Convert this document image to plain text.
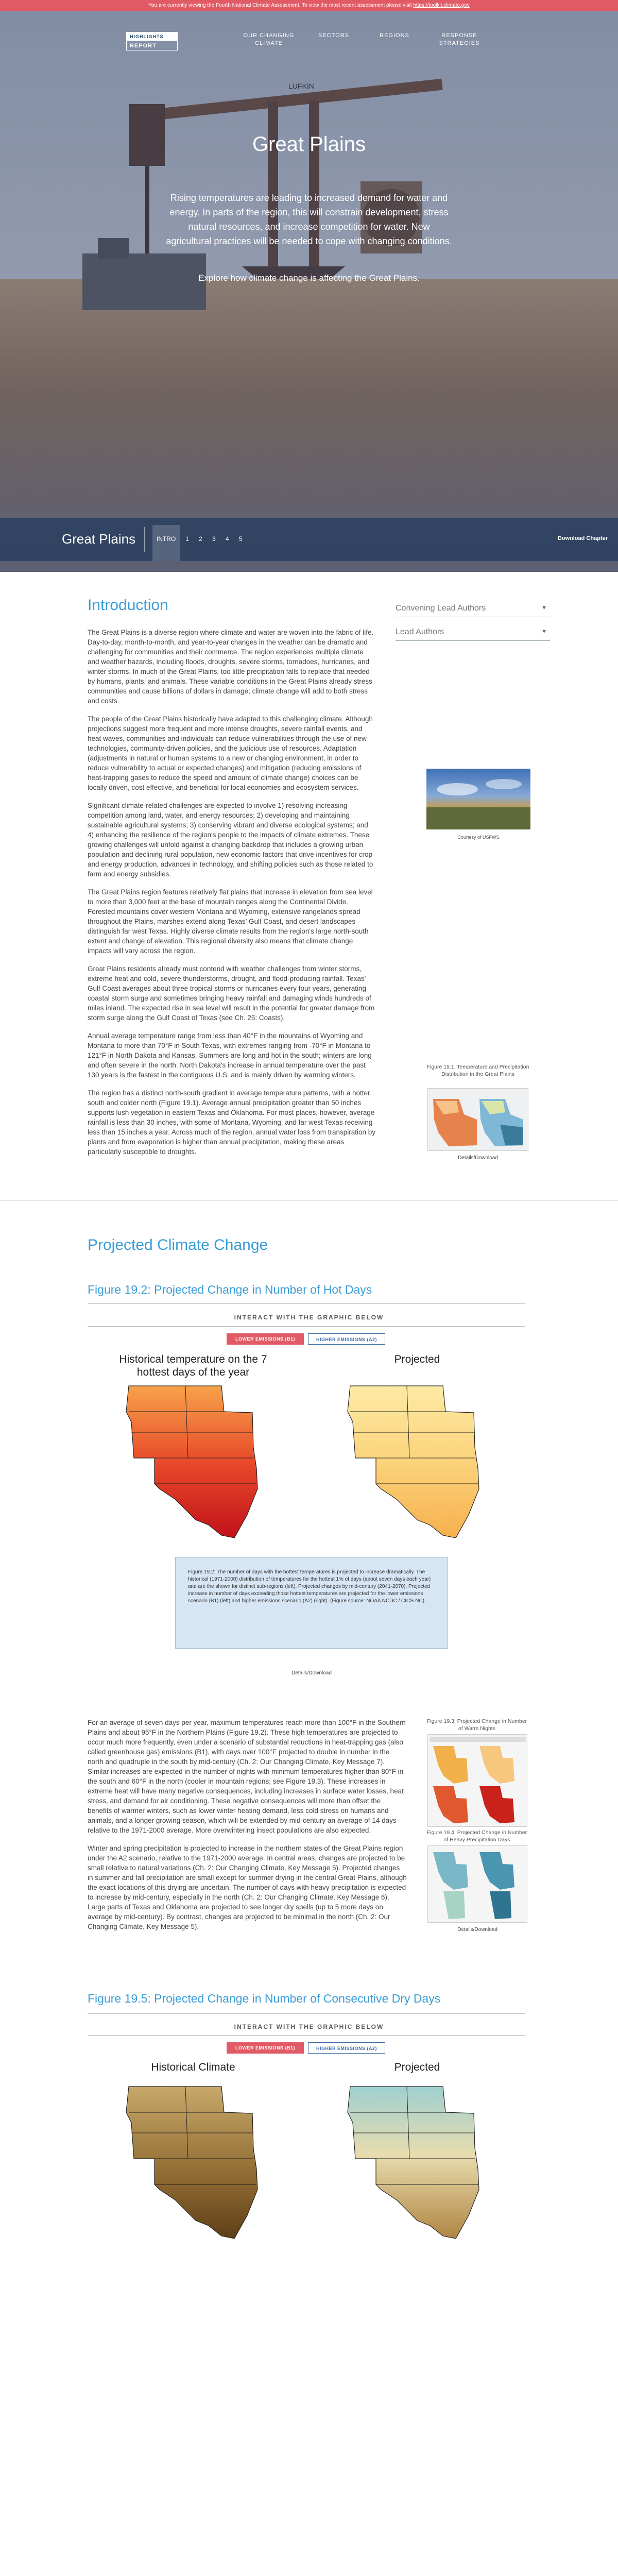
You are currently viewing the Fourth National Climate Assessment. To view the most recent assessment please visit https://toolkit.climate.gov
LUFKIN
HIGHLIGHTS
REPORT
OUR CHANGING CLIMATE
SECTORS	REGIONS	RESPONSE STRATEGIES
Great Plains
Rising temperatures are leading to increased demand for water and energy. In parts of the region, this will constrain development, stress natural resources, and increase competition for water. New agricultural practices will be needed to cope with changing conditions.
Explore how climate change is affecting the Great Plains.
Great Plains	INTRO	1	2	3	4	5	Download Chapter
Introduction	Convening Lead Authors	▼
Lead Authors	▼

The Great Plains is a diverse region where climate and water are woven into the fabric of life. Day-to-day, month-to-month, and year-to-year changes in the weather can be dramatic and challenging for communities and their commerce. The region experiences multiple climate and weather hazards, including floods, droughts, severe storms, tornadoes, hurricanes, and winter storms. In much of the Great Plains, too little precipitation falls to replace that needed by humans, plants, and animals. These variable conditions in the Great Plains already stress communities and cause billions of dollars in damage; climate change will add to both stress and costs.

The people of the Great Plains historically have adapted to this challenging climate. Although projections suggest more frequent and more intense droughts, severe rainfall events, and heat waves, communities and individuals can reduce vulnerabilities through the use of new technologies, community-driven policies, and the judicious use of resources. Adaptation (adjustments in natural or human systems to a new or changing environment, in order to reduce vulnerability to actual or expected changes) and mitigation (reducing emissions of heat-trapping gases to reduce the speed and amount of climate change) choices can be locally driven, cost effective, and beneficial for local economies and ecosystem services.

Significant climate-related challenges are expected to involve 1) resolving increasing competition among land, water, and energy resources; 2) developing and maintaining sustainable agricultural systems; 3) conserving vibrant and diverse ecological systems; and 4) enhancing the resilience of the region's people to the impacts of climate extremes. These growing challenges will unfold against a changing backdrop that includes a growing urban population and declining rural population, new economic factors that drive incentives for crop and energy production, advances in technology, and shifting policies such as those related to farm and energy subsidies.

The Great Plains region features relatively flat plains that increase in elevation from sea level to more than 3,000 feet at the base of mountain ranges along the Continental Divide. Forested mountains cover western Montana and Wyoming, extensive rangelands spread throughout the Plains, marshes extend along Texas' Gulf Coast, and desert landscapes distinguish far west Texas. Highly diverse climate results from the region's large north-south extent and change of elevation. This regional diversity also means that climate change impacts will vary across the region.

Great Plains residents already must contend with weather challenges from winter storms, extreme heat and cold, severe thunderstorms, drought, and flood-producing rainfall. Texas' Gulf Coast averages about three tropical storms or hurricanes every four years, generating coastal storm surge and sometimes bringing heavy rainfall and damaging winds hundreds of miles inland. The expected rise in sea level will result in the potential for greater damage from storm surge along the Gulf Coast of Texas (see Ch. 25: Coasts).

Annual average temperature range from less than 40°F in the mountains of Wyoming and Montana to more than 70°F in South Texas, with extremes ranging from -70°F in Montana to 121°F in North Dakota and Kansas. Summers are long and hot in the south; winters are long and often severe in the north. North Dakota's increase in annual temperature over the past 130 years is the fastest in the contiguous U.S. and is mainly driven by warming winters.

The region has a distinct north-south gradient in average temperature patterns, with a hotter south and colder north (Figure 19.1). Average annual precipitation greater than 50 inches supports lush vegetation in eastern Texas and Oklahoma. For most places, however, average rainfall is less than 30 inches, with some of Montana, Wyoming, and far west Texas receiving less than 15 inches a year. Across much of the region, annual water loss from transpiration by plants and from evaporation is higher than annual precipitation, making these areas particularly susceptible to droughts.

Courtesy of USFWS
Figure 19.1: Temperature and Precipitation Distribution in the Great Plains
Details/Download
Projected Climate Change
Figure 19.2: Projected Change in Number of Hot Days
INTERACT WITH THE GRAPHIC BELOW
LOWER EMISSIONS (B1)	HIGHER EMISSIONS (A2)
Historical temperature on the 7 hottest days of the year
Projected

Figure 19.2: The number of days with the hottest temperatures is projected to increase dramatically. The historical (1971-2000) distribution of temperatures for the hottest 1% of days (about seven days each year) and are the shown for distinct sub-regions (left). Projected changes by mid-century (2041-2070). Projected increase in number of days exceeding those hottest temperatures are projected for the lower emissions scenario (B1) (left) and higher emissions scenario (A2) (right). (Figure source: NOAA NCDC / CICS-NC).

Details/Download

For an average of seven days per year, maximum temperatures reach more than 100°F in the Southern Plains and about 95°F in the Northern Plains (Figure 19.2). These high temperatures are projected to occur much more frequently, even under a scenario of substantial reductions in heat-trapping gas (also called greenhouse gas) emissions (B1), with days over 100°F projected to double in number in the north and quadruple in the south by mid-century (Ch. 2: Our Changing Climate, Key Message 7). Similar increases are expected in the number of nights with minimum temperatures higher than 80°F in the south and 60°F in the north (cooler in mountain regions; see Figure 19.3). These increases in extreme heat will have many negative consequences, including increases in surface water losses, heat stress, and demand for air conditioning. These negative consequences will more than offset the benefits of warmer winters, such as lower winter heating demand, less cold stress on humans and animals, and a longer growing season, which will be extended by mid-century an average of 14 days relative to the 1971-2000 average. More overwintering insect populations are also expected.

Winter and spring precipitation is projected to increase in the northern states of the Great Plains region under the A2 scenario, relative to the 1971-2000 average. In central areas, changes are projected to be small relative to natural variations (Ch. 2: Our Changing Climate, Key Message 5). Projected changes in summer and fall precipitation are small except for summer drying in the central Great Plains, although the exact locations of this drying are uncertain. The number of days with heavy precipitation is expected to increase by mid-century, especially in the north (Ch. 2: Our Changing Climate, Key Message 6). Large parts of Texas and Oklahoma are projected to see longer dry spells (up to 5 more days on average by mid-century). By contrast, changes are projected to be minimal in the north (Ch. 2: Our Changing Climate, Key Message 5).

Figure 19.3: Projected Change in Number of Warm Nights
Figure 19.4: Projected Change in Number of Heavy Precipitation Days
Details/Download
Figure 19.5: Projected Change in Number of Consecutive Dry Days
INTERACT WITH THE GRAPHIC BELOW
LOWER EMISSIONS (B1)	HIGHER EMISSIONS (A2)
Historical Climate	Projected
